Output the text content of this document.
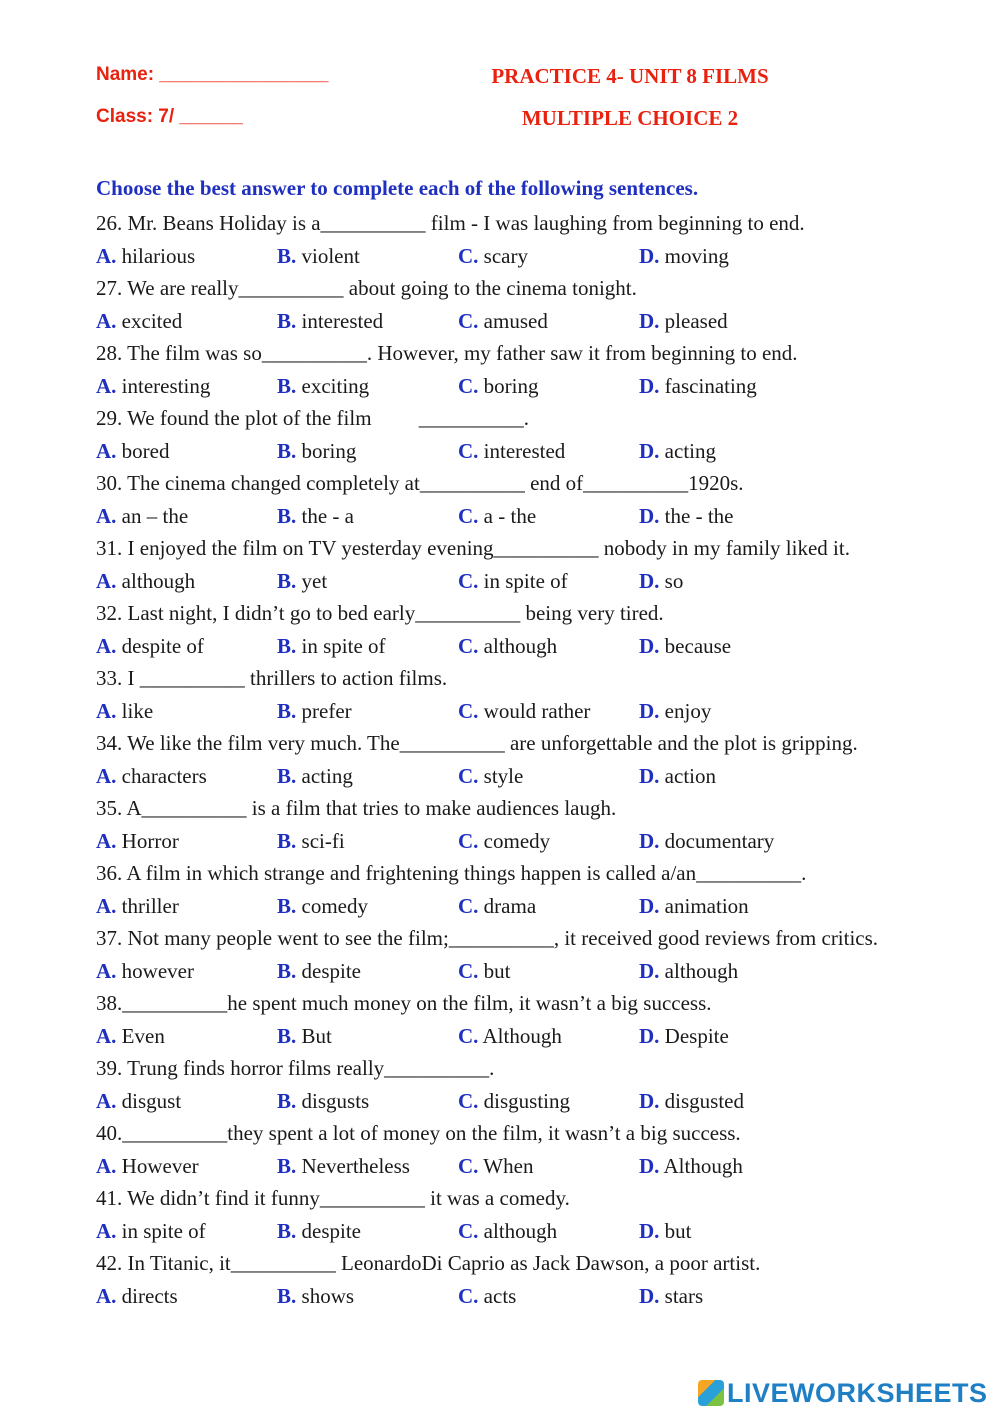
Name: ________________
Class: 7/ ______
PRACTICE 4- UNIT 8 FILMS
MULTIPLE CHOICE 2
Choose the best answer to complete each of the following sentences.
26. Mr. Beans Holiday is a__________ film - I was laughing from beginning to end.
A. hilarious	B. violent	C. scary	D. moving
27. We are really__________ about going to the cinema tonight.
A. excited	B. interested	C. amused	D. pleased
28. The film was so__________. However, my father saw it from beginning to end.
A. interesting	B. exciting	C. boring	D. fascinating
29. We found the plot of the film         __________.
A. bored	B. boring	C. interested	D. acting
30. The cinema changed completely at__________ end of__________1920s.
A. an – the	B. the - a	C. a - the	D. the - the
31. I enjoyed the film on TV yesterday evening__________ nobody in my family liked it.
A. although	B. yet	C. in spite of	D. so
32. Last night, I didn’t go to bed early__________ being very tired.
A. despite of	B. in spite of	C. although	D. because
33. I __________ thrillers to action films.
A. like	B. prefer	C. would rather D. enjoy
34. We like the film very much. The__________ are unforgettable and the plot is gripping.
A. characters	B. acting	C. style	D. action
35. A__________ is a film that tries to make audiences laugh.
A. Horror	B. sci-fi	C. comedy	D. documentary
36. A film in which strange and frightening things happen is called a/an__________.
A. thriller	B. comedy	C. drama	D. animation
37. Not many people went to see the film;__________, it received good reviews from critics.
A. however	B. despite	C. but	D. although
38.__________he spent much money on the film, it wasn’t a big success.
A. Even	B. But	C. Although	D. Despite
39. Trung finds horror films really__________.
A. disgust	B. disgusts	C. disgusting	D. disgusted
40.__________they spent a lot of money on the film, it wasn’t a big success.
A. However	B. Nevertheless C. When	D. Although
41. We didn’t find it funny__________ it was a comedy.
A. in spite of	B. despite	C. although	D. but
42. In Titanic, it__________ LeonardoDi Caprio as Jack Dawson, a poor artist.
A. directs	B. shows	C. acts	D. stars
LIVEWORKSHEETS
